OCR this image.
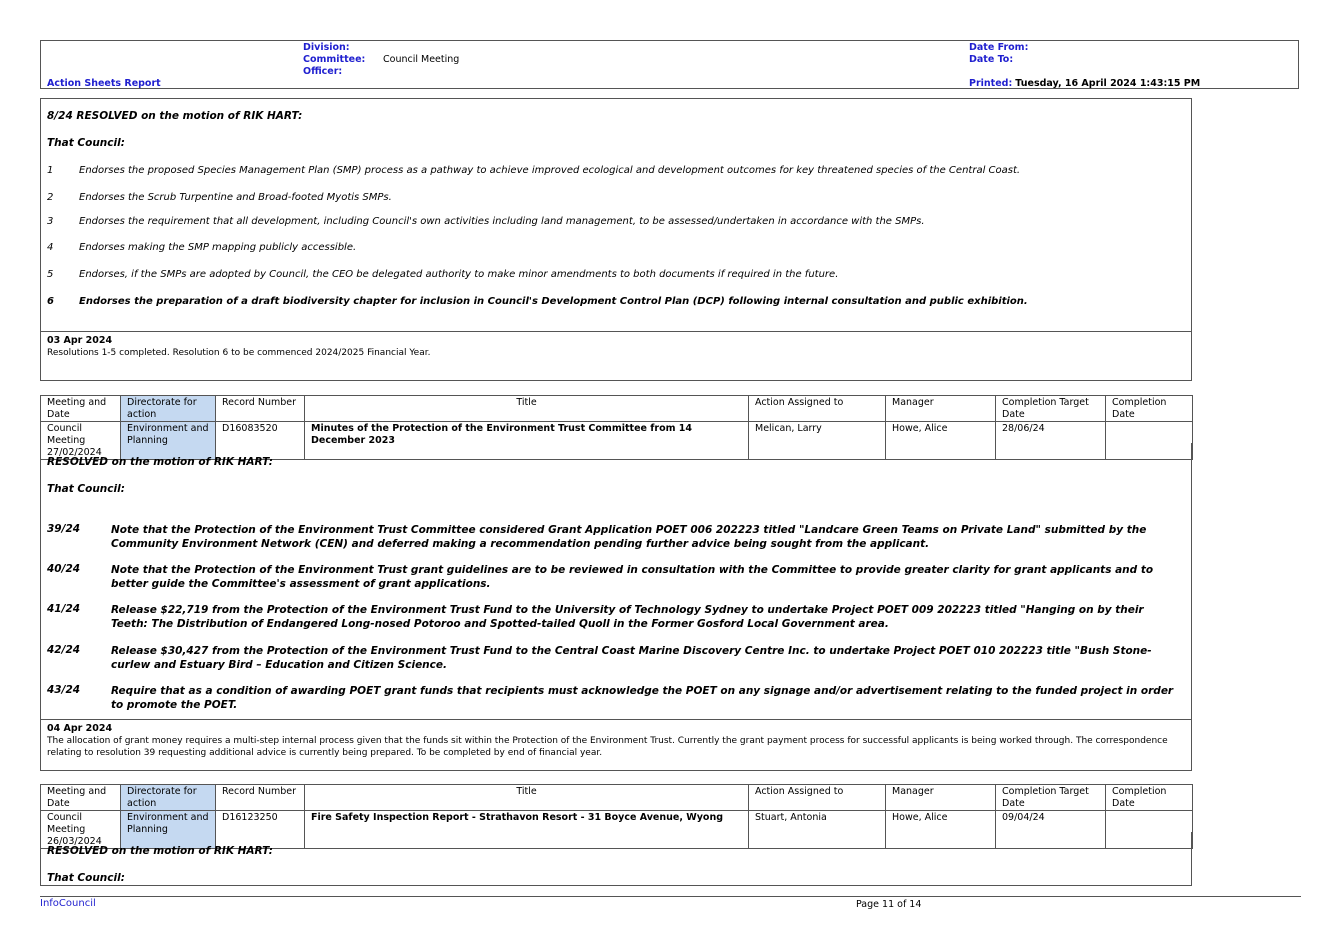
Division:
Committee: Council Meeting
Officer:
Action Sheets Report
Date From:
Date To:
Printed: Tuesday, 16 April 2024 1:43:15 PM
8/24 RESOLVED on the motion of RIK HART:
That Council:
1	Endorses the proposed Species Management Plan (SMP) process as a pathway to achieve improved ecological and development outcomes for key threatened species of the Central Coast.
2	Endorses the Scrub Turpentine and Broad-footed Myotis SMPs.
3	Endorses the requirement that all development, including Council's own activities including land management, to be assessed/undertaken in accordance with the SMPs.
4	Endorses making the SMP mapping publicly accessible.
5	Endorses, if the SMPs are adopted by Council, the CEO be delegated authority to make minor amendments to both documents if required in the future.
6	Endorses the preparation of a draft biodiversity chapter for inclusion in Council's Development Control Plan (DCP) following internal consultation and public exhibition.
03 Apr 2024
Resolutions 1-5 completed. Resolution 6 to be commenced 2024/2025 Financial Year.
Meeting and Date	Directorate for action	Record Number	Title	Action Assigned to	Manager	Completion Target Date	Completion Date
Council Meeting 27/02/2024	Environment and Planning	D16083520	Minutes of the Protection of the Environment Trust Committee from 14 December 2023	Melican, Larry	Howe, Alice	28/06/24	
RESOLVED on the motion of RIK HART:
That Council:
39/24	Note that the Protection of the Environment Trust Committee considered Grant Application POET 006 202223 titled "Landcare Green Teams on Private Land" submitted by the Community Environment Network (CEN) and deferred making a recommendation pending further advice being sought from the applicant.
40/24	Note that the Protection of the Environment Trust grant guidelines are to be reviewed in consultation with the Committee to provide greater clarity for grant applicants and to better guide the Committee's assessment of grant applications.
41/24	Release $22,719 from the Protection of the Environment Trust Fund to the University of Technology Sydney to undertake Project POET 009 202223 titled "Hanging on by their Teeth: The Distribution of Endangered Long-nosed Potoroo and Spotted-tailed Quoll in the Former Gosford Local Government area.
42/24	Release $30,427 from the Protection of the Environment Trust Fund to the Central Coast Marine Discovery Centre Inc. to undertake Project POET 010 202223 title "Bush Stone-curlew and Estuary Bird – Education and Citizen Science.
43/24	Require that as a condition of awarding POET grant funds that recipients must acknowledge the POET on any signage and/or advertisement relating to the funded project in order to promote the POET.
04 Apr 2024
The allocation of grant money requires a multi-step internal process given that the funds sit within the Protection of the Environment Trust. Currently the grant payment process for successful applicants is being worked through. The correspondence relating to resolution 39 requesting additional advice is currently being prepared. To be completed by end of financial year.
Meeting and Date	Directorate for action	Record Number	Title	Action Assigned to	Manager	Completion Target Date	Completion Date
Council Meeting 26/03/2024	Environment and Planning	D16123250	Fire Safety Inspection Report - Strathavon Resort - 31 Boyce Avenue, Wyong	Stuart, Antonia	Howe, Alice	09/04/24	
RESOLVED on the motion of RIK HART:
That Council:
InfoCouncil	Page 11 of 14
